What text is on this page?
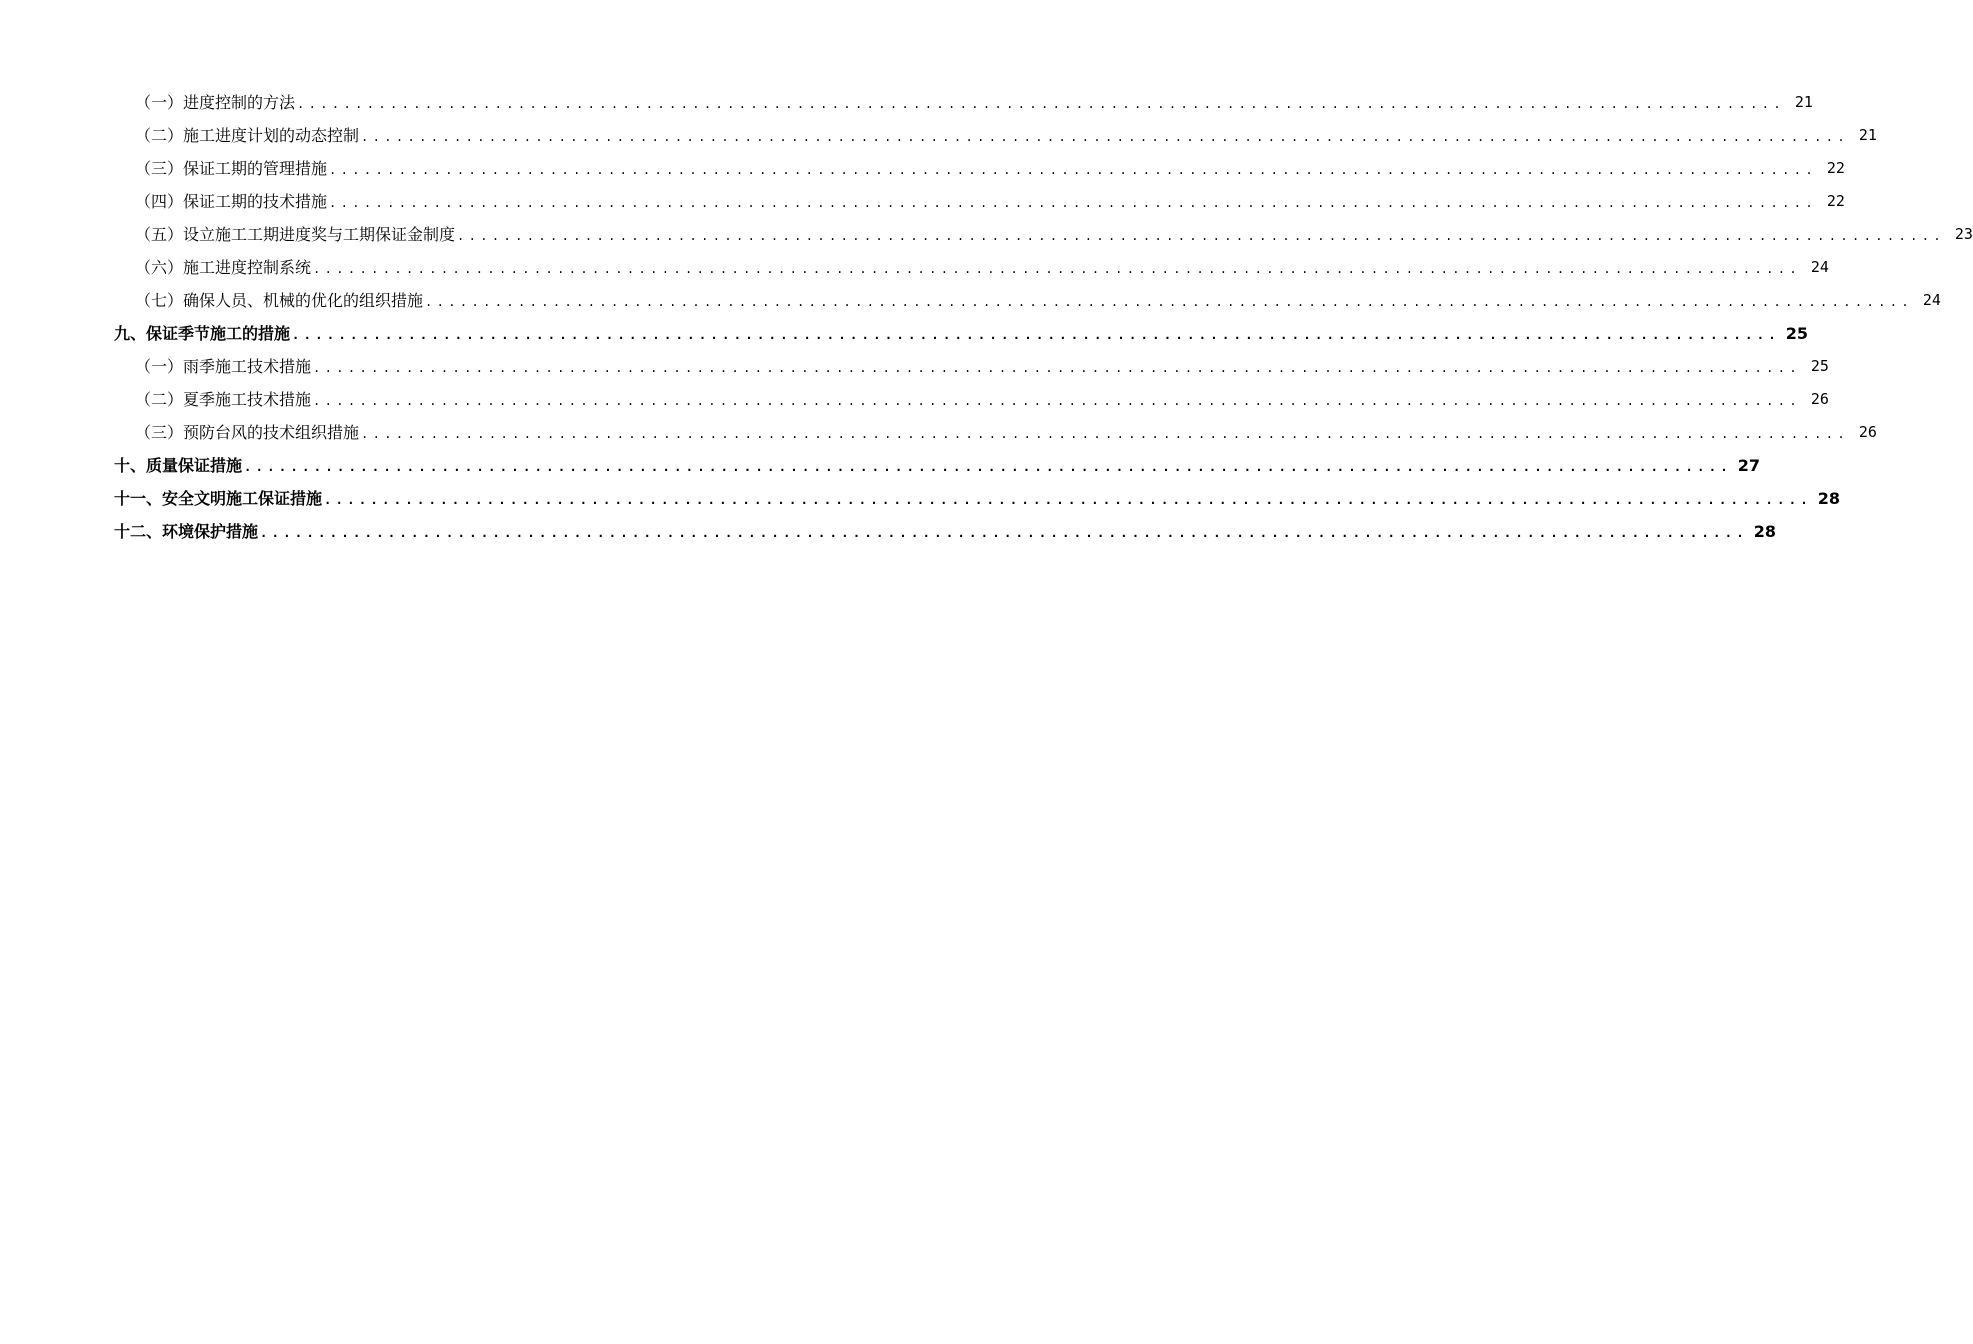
（一）进度控制的方法 ................................................................................................................................ 21
（二）施工进度计划的动态控制 ................................................................................................................................ 21
（三）保证工期的管理措施 ................................................................................................................................ 22
（四）保证工期的技术措施 ................................................................................................................................ 22
（五）设立施工工期进度奖与工期保证金制度 ................................................................................................................................ 23
（六）施工进度控制系统 ................................................................................................................................ 24
（七）确保人员、机械的优化的组织措施 ................................................................................................................................ 24
九、保证季节施工的措施 ................................................................................................................................ 25
（一）雨季施工技术措施 ................................................................................................................................ 25
（二）夏季施工技术措施 ................................................................................................................................ 26
（三）预防台风的技术组织措施 ................................................................................................................................ 26
十、质量保证措施 ................................................................................................................................ 27
十一、安全文明施工保证措施 ................................................................................................................................ 28
十二、环境保护措施 ................................................................................................................................ 28
